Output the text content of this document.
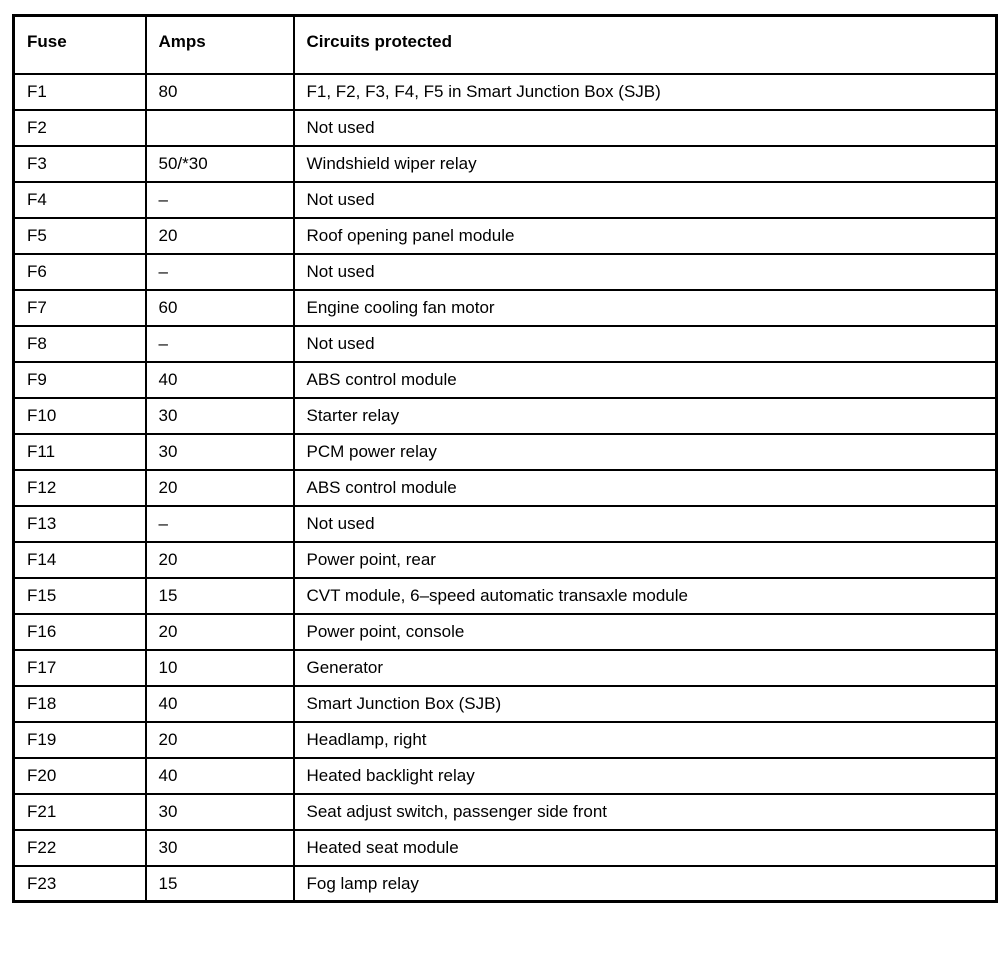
Fuse	Amps	Circuits protected
F1	80	F1, F2, F3, F4, F5 in Smart Junction Box (SJB)
F2		Not used
F3	50/*30	Windshield wiper relay
F4	–	Not used
F5	20	Roof opening panel module
F6	–	Not used
F7	60	Engine cooling fan motor
F8	–	Not used
F9	40	ABS control module
F10	30	Starter relay
F11	30	PCM power relay
F12	20	ABS control module
F13	–	Not used
F14	20	Power point, rear
F15	15	CVT module, 6–speed automatic transaxle module
F16	20	Power point, console
F17	10	Generator
F18	40	Smart Junction Box (SJB)
F19	20	Headlamp, right
F20	40	Heated backlight relay
F21	30	Seat adjust switch, passenger side front
F22	30	Heated seat module
F23	15	Fog lamp relay
